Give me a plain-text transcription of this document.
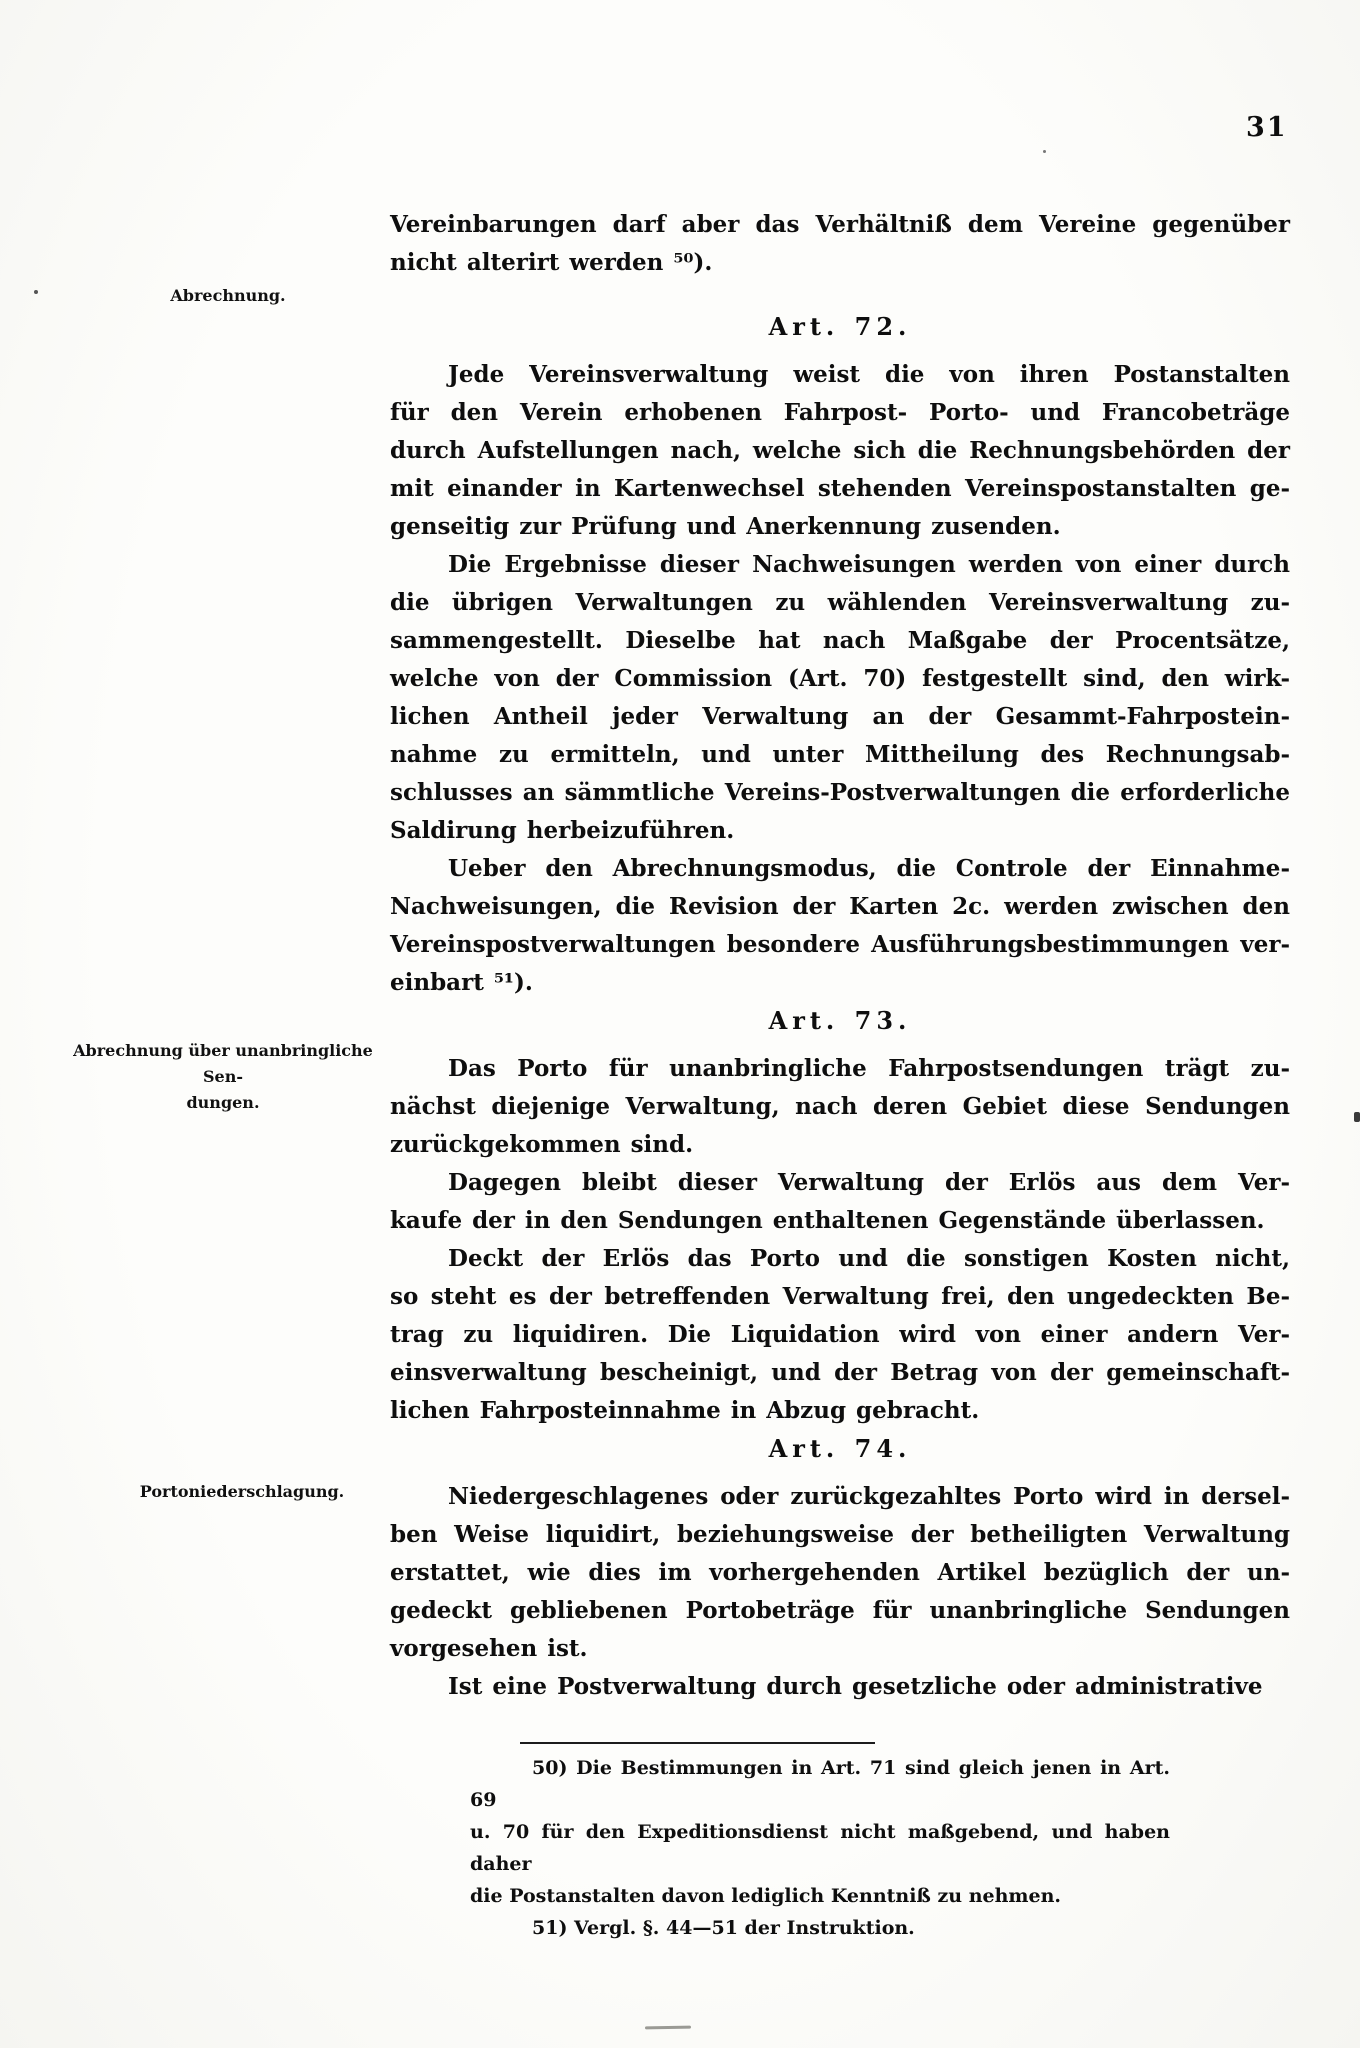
31
Abrechnung.
Abrechnung über unanbringliche Sen-
dungen.
Portoniederschlagung.
Vereinbarungen darf aber das Verhältniß dem Vereine gegenüber
nicht alterirt werden ⁵⁰).
Art. 72.
Jede Vereinsverwaltung weist die von ihren Postanstalten
für den Verein erhobenen Fahrpost- Porto- und Francobeträge
durch Aufstellungen nach, welche sich die Rechnungsbehörden der
mit einander in Kartenwechsel stehenden Vereinspostanstalten ge-
genseitig zur Prüfung und Anerkennung zusenden.
Die Ergebnisse dieser Nachweisungen werden von einer durch
die übrigen Verwaltungen zu wählenden Vereinsverwaltung zu-
sammengestellt. Dieselbe hat nach Maßgabe der Procentsätze,
welche von der Commission (Art. 70) festgestellt sind, den wirk-
lichen Antheil jeder Verwaltung an der Gesammt-Fahrpostein-
nahme zu ermitteln, und unter Mittheilung des Rechnungsab-
schlusses an sämmtliche Vereins-Postverwaltungen die erforderliche
Saldirung herbeizuführen.
Ueber den Abrechnungsmodus, die Controle der Einnahme-
Nachweisungen, die Revision der Karten 2c. werden zwischen den
Vereinspostverwaltungen besondere Ausführungsbestimmungen ver-
einbart ⁵¹).
Art. 73.
Das Porto für unanbringliche Fahrpostsendungen trägt zu-
nächst diejenige Verwaltung, nach deren Gebiet diese Sendungen
zurückgekommen sind.
Dagegen bleibt dieser Verwaltung der Erlös aus dem Ver-
kaufe der in den Sendungen enthaltenen Gegenstände überlassen.
Deckt der Erlös das Porto und die sonstigen Kosten nicht,
so steht es der betreffenden Verwaltung frei, den ungedeckten Be-
trag zu liquidiren. Die Liquidation wird von einer andern Ver-
einsverwaltung bescheinigt, und der Betrag von der gemeinschaft-
lichen Fahrposteinnahme in Abzug gebracht.
Art. 74.
Niedergeschlagenes oder zurückgezahltes Porto wird in dersel-
ben Weise liquidirt, beziehungsweise der betheiligten Verwaltung
erstattet, wie dies im vorhergehenden Artikel bezüglich der un-
gedeckt gebliebenen Portobeträge für unanbringliche Sendungen
vorgesehen ist.
Ist eine Postverwaltung durch gesetzliche oder administrative
50) Die Bestimmungen in Art. 71 sind gleich jenen in Art. 69
u. 70 für den Expeditionsdienst nicht maßgebend, und haben daher
die Postanstalten davon lediglich Kenntniß zu nehmen.
51) Vergl. §. 44—51 der Instruktion.
